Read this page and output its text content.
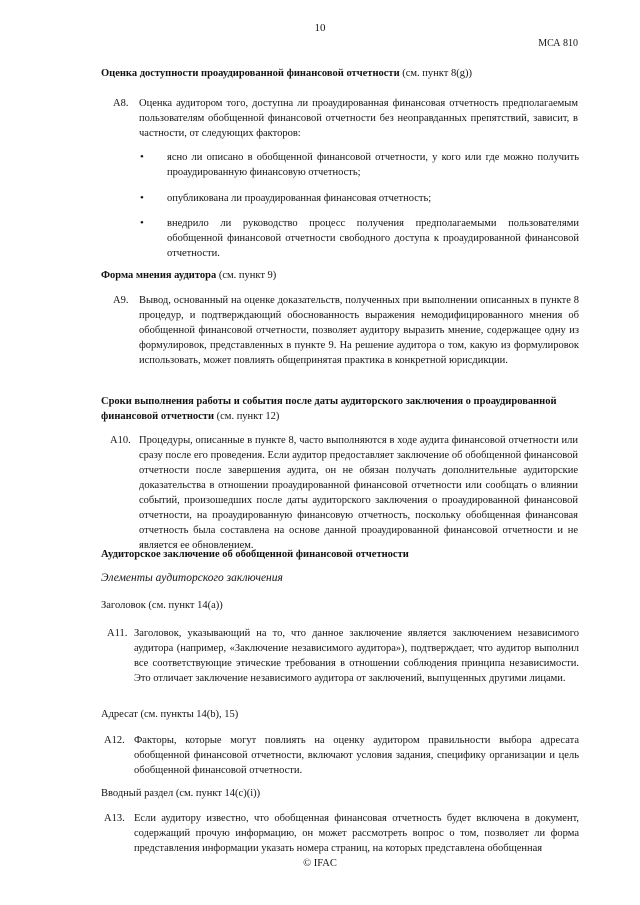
10
МСА 810
Оценка доступности проаудированной финансовой отчетности (см. пункт 8(g))
А8. Оценка аудитором того, доступна ли проаудированная финансовая отчетность предполагаемым пользователям обобщенной финансовой отчетности без неоправданных препятствий, зависит, в частности, от следующих факторов:
• ясно ли описано в обобщенной финансовой отчетности, у кого или где можно получить проаудированную финансовую отчетность;
• опубликована ли проаудированная финансовая отчетность;
• внедрило ли руководство процесс получения предполагаемыми пользователями обобщенной финансовой отчетности свободного доступа к проаудированной финансовой отчетности.
Форма мнения аудитора (см. пункт 9)
А9. Вывод, основанный на оценке доказательств, полученных при выполнении описанных в пункте 8 процедур, и подтверждающий обоснованность выражения немодифицированного мнения об обобщенной финансовой отчетности, позволяет аудитору выразить мнение, содержащее одну из формулировок, представленных в пункте 9. На решение аудитора о том, какую из формулировок использовать, может повлиять общепринятая практика в конкретной юрисдикции.
Сроки выполнения работы и события после даты аудиторского заключения о проаудированной финансовой отчетности (см. пункт 12)
А10. Процедуры, описанные в пункте 8, часто выполняются в ходе аудита финансовой отчетности или сразу после его проведения. Если аудитор предоставляет заключение об обобщенной финансовой отчетности после завершения аудита, он не обязан получать дополнительные аудиторские доказательства в отношении проаудированной финансовой отчетности или сообщать о влиянии событий, произошедших после даты аудиторского заключения о проаудированной финансовой отчетности, на проаудированную финансовую отчетность, поскольку обобщенная финансовая отчетность была составлена на основе данной проаудированной финансовой отчетности и не является ее обновлением.
Аудиторское заключение об обобщенной финансовой отчетности
Элементы аудиторского заключения
Заголовок (см. пункт 14(a))
А11. Заголовок, указывающий на то, что данное заключение является заключением независимого аудитора (например, «Заключение независимого аудитора»), подтверждает, что аудитор выполнил все соответствующие этические требования в отношении соблюдения принципа независимости. Это отличает заключение независимого аудитора от заключений, выпущенных другими лицами.
Адресат (см. пункты 14(b), 15)
А12. Факторы, которые могут повлиять на оценку аудитором правильности выбора адресата обобщенной финансовой отчетности, включают условия задания, специфику организации и цель обобщенной финансовой отчетности.
Вводный раздел (см. пункт 14(c)(i))
А13. Если аудитору известно, что обобщенная финансовая отчетность будет включена в документ, содержащий прочую информацию, он может рассмотреть вопрос о том, позволяет ли форма представления информации указать номера страниц, на которых представлена обобщенная
© IFAC
